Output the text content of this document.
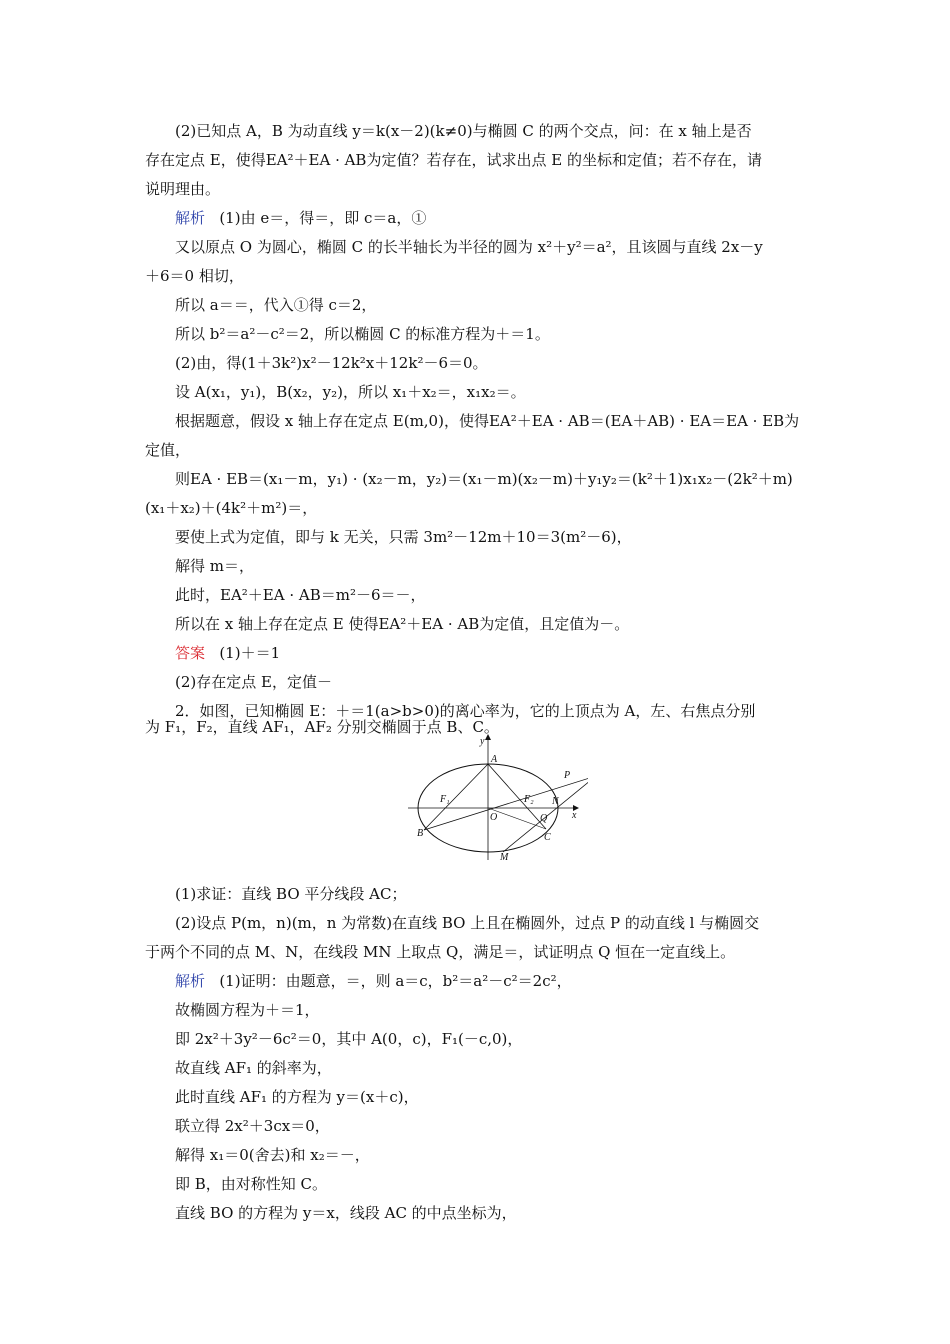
(2)已知点 A，B 为动直线 y＝k(x－2)(k≠0)与椭圆 C 的两个交点，问：在 x 轴上是否
存在定点 E，使得EA²＋EA · AB为定值？若存在，试求出点 E 的坐标和定值；若不存在，请
说明理由。
解析 (1)由 e＝，得＝，即 c＝a，①
又以原点 O 为圆心，椭圆 C 的长半轴长为半径的圆为 x²＋y²＝a²，且该圆与直线 2x－y
＋6＝0 相切，
所以 a＝＝，代入①得 c＝2，
所以 b²＝a²－c²＝2，所以椭圆 C 的标准方程为＋＝1。
(2)由，得(1＋3k²)x²－12k²x＋12k²－6＝0。
设 A(x₁，y₁)，B(x₂，y₂)，所以 x₁＋x₂＝，x₁x₂＝。
根据题意，假设 x 轴上存在定点 E(m,0)，使得EA²＋EA · AB＝(EA＋AB) · EA＝EA · EB为
定值，
则EA · EB＝(x₁－m，y₁) · (x₂－m，y₂)＝(x₁－m)(x₂－m)＋y₁y₂＝(k²＋1)x₁x₂－(2k²＋m)
(x₁＋x₂)＋(4k²＋m²)＝，
要使上式为定值，即与 k 无关，只需 3m²－12m＋10＝3(m²－6)，
解得 m＝，
此时，EA²＋EA · AB＝m²－6＝－，
所以在 x 轴上存在定点 E 使得EA²＋EA · AB为定值，且定值为－。
答案 (1)＋＝1
(2)存在定点 E，定值－
2．如图，已知椭圆 E：＋＝1(a>b>0)的离心率为，它的上顶点为 A，左、右焦点分别
y
x
O
A
B	C
P
N
Q
M
F₁	F₂
为 F₁，F₂，直线 AF₁，AF₂ 分别交椭圆于点 B、C。
(1)求证：直线 BO 平分线段 AC；
(2)设点 P(m，n)(m，n 为常数)在直线 BO 上且在椭圆外，过点 P 的动直线 l 与椭圆交
于两个不同的点 M、N，在线段 MN 上取点 Q，满足＝，试证明点 Q 恒在一定直线上。
解析   (1)证明：由题意，＝，则 a＝c，b²＝a²－c²＝2c²，
故椭圆方程为＋＝1，
即 2x²＋3y²－6c²＝0，其中 A(0，c)，F₁(－c,0)，
故直线 AF₁ 的斜率为，
此时直线 AF₁ 的方程为 y＝(x＋c)，
联立得 2x²＋3cx＝0，
解得 x₁＝0(舍去)和 x₂＝－，
即 B，由对称性知 C。
直线 BO 的方程为 y＝x，线段 AC 的中点坐标为，
